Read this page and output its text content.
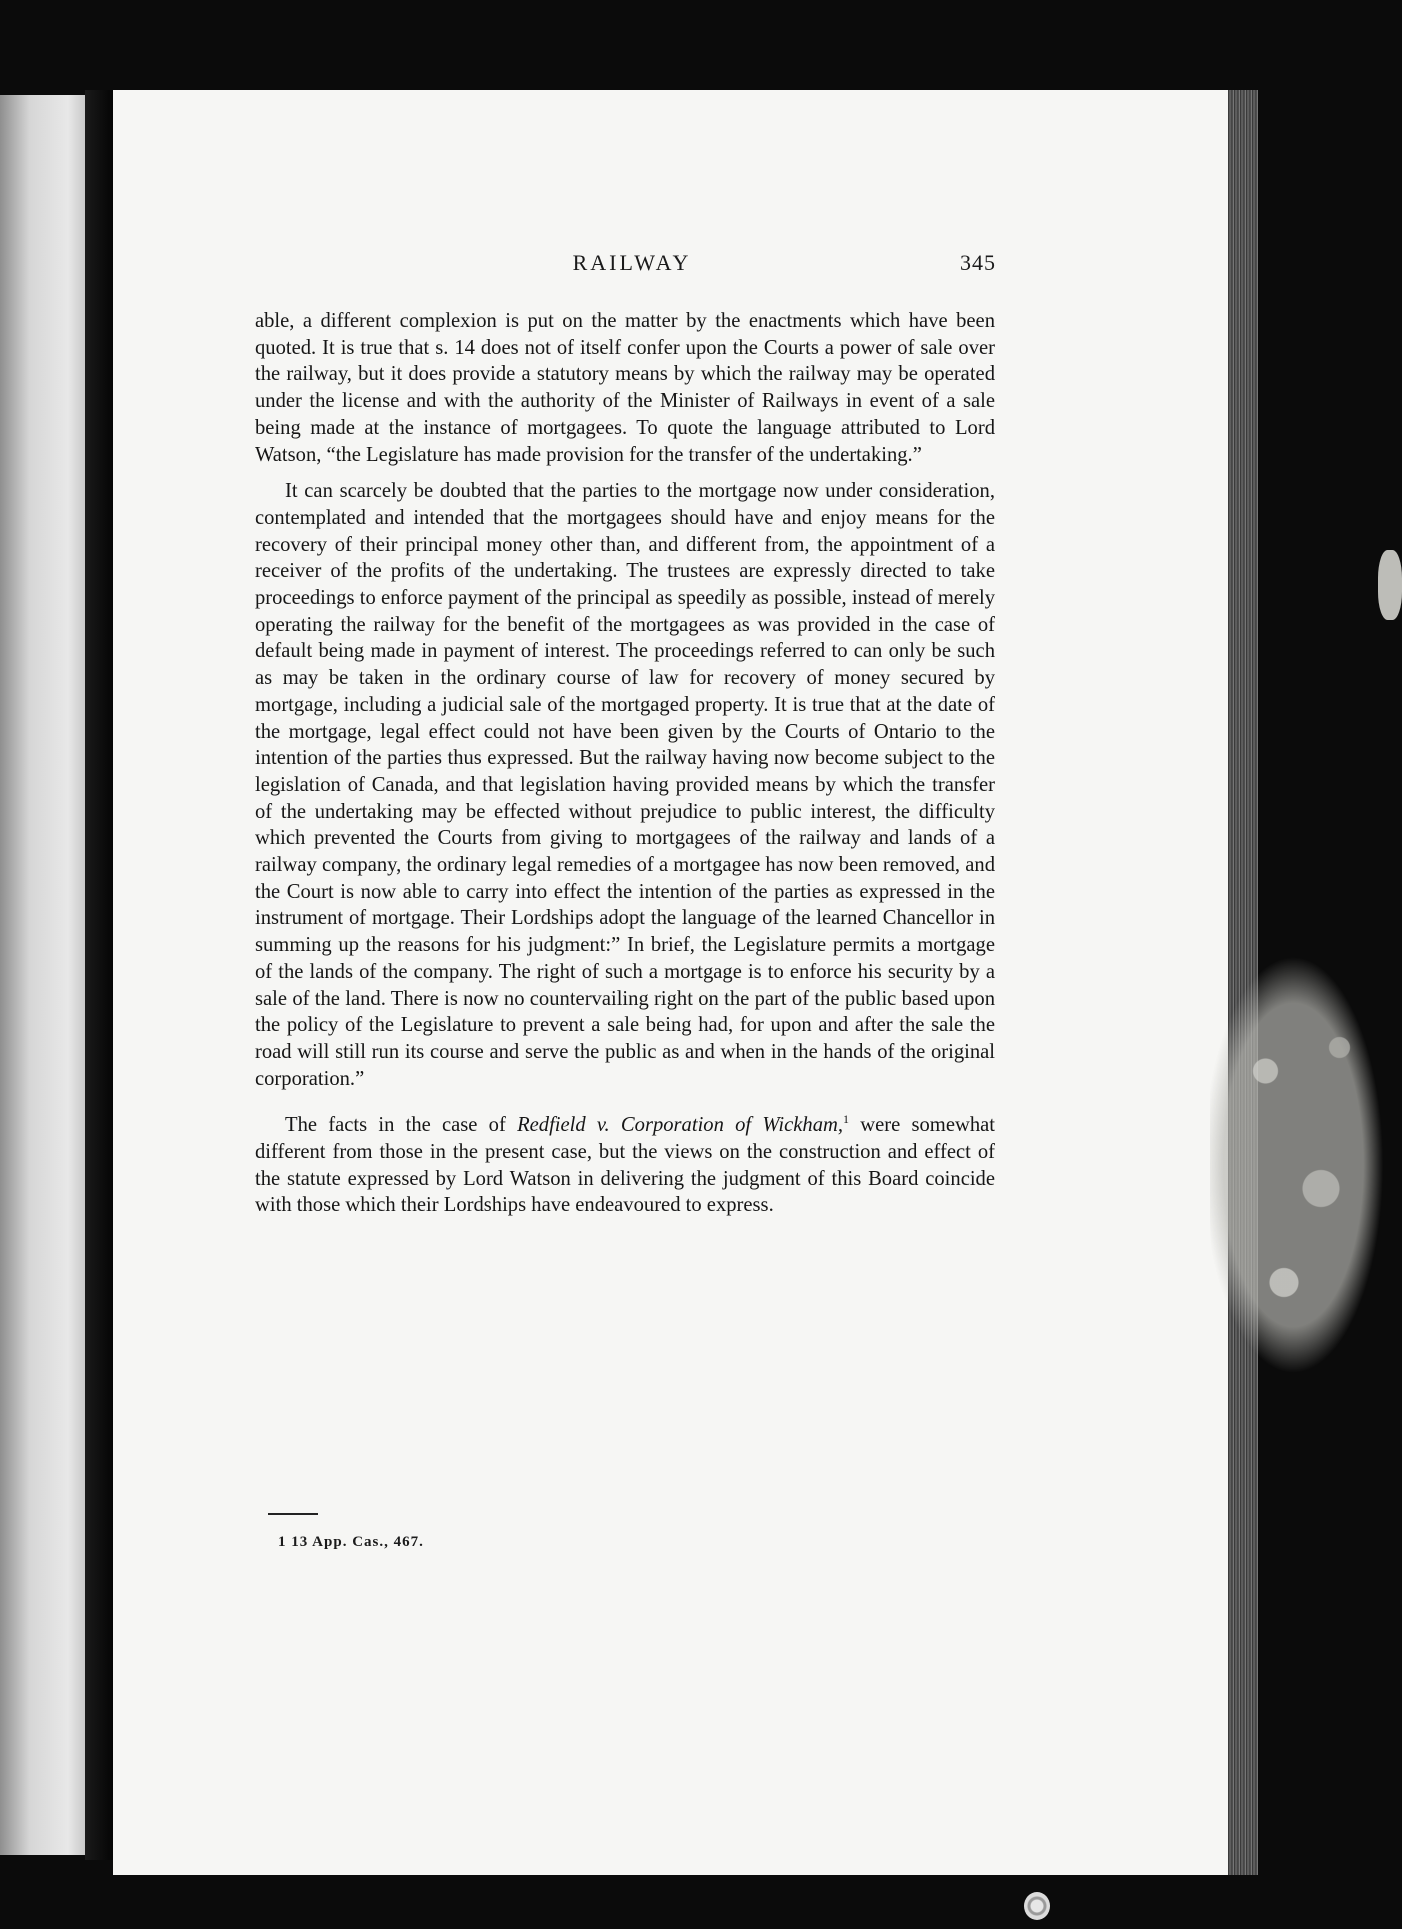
RAILWAY	345

able, a different complexion is put on the matter by the enactments which have been quoted. It is true that s. 14 does not of itself confer upon the Courts a power of sale over the railway, but it does provide a statutory means by which the railway may be operated under the license and with the authority of the Minister of Railways in event of a sale being made at the instance of mortgagees. To quote the language attributed to Lord Watson, “the Legislature has made provision for the transfer of the undertaking.”

It can scarcely be doubted that the parties to the mortgage now under consideration, contemplated and intended that the mortgagees should have and enjoy means for the recovery of their principal money other than, and different from, the appointment of a receiver of the profits of the undertaking. The trustees are expressly directed to take proceedings to enforce payment of the principal as speedily as possible, instead of merely operating the railway for the benefit of the mortgagees as was provided in the case of default being made in payment of interest. The proceedings referred to can only be such as may be taken in the ordinary course of law for recovery of money secured by mortgage, including a judicial sale of the mortgaged property. It is true that at the date of the mortgage, legal effect could not have been given by the Courts of Ontario to the intention of the parties thus expressed. But the railway having now become subject to the legislation of Canada, and that legislation having provided means by which the transfer of the undertaking may be effected without prejudice to public interest, the difficulty which prevented the Courts from giving to mortgagees of the railway and lands of a railway company, the ordinary legal remedies of a mortgagee has now been removed, and the Court is now able to carry into effect the intention of the parties as expressed in the instrument of mortgage. Their Lordships adopt the language of the learned Chancellor in summing up the reasons for his judgment:” In brief, the Legislature permits a mortgage of the lands of the company. The right of such a mortgage is to enforce his security by a sale of the land. There is now no countervailing right on the part of the public based upon the policy of the Legislature to prevent a sale being had, for upon and after the sale the road will still run its course and serve the public as and when in the hands of the original corporation.”

The facts in the case of Redfield v. Corporation of Wickham,$^1$ were somewhat different from those in the present case, but the views on the construction and effect of the statute expressed by Lord Watson in delivering the judgment of this Board coincide with those which their Lordships have endeavoured to express.

1 13 App. Cas., 467.
